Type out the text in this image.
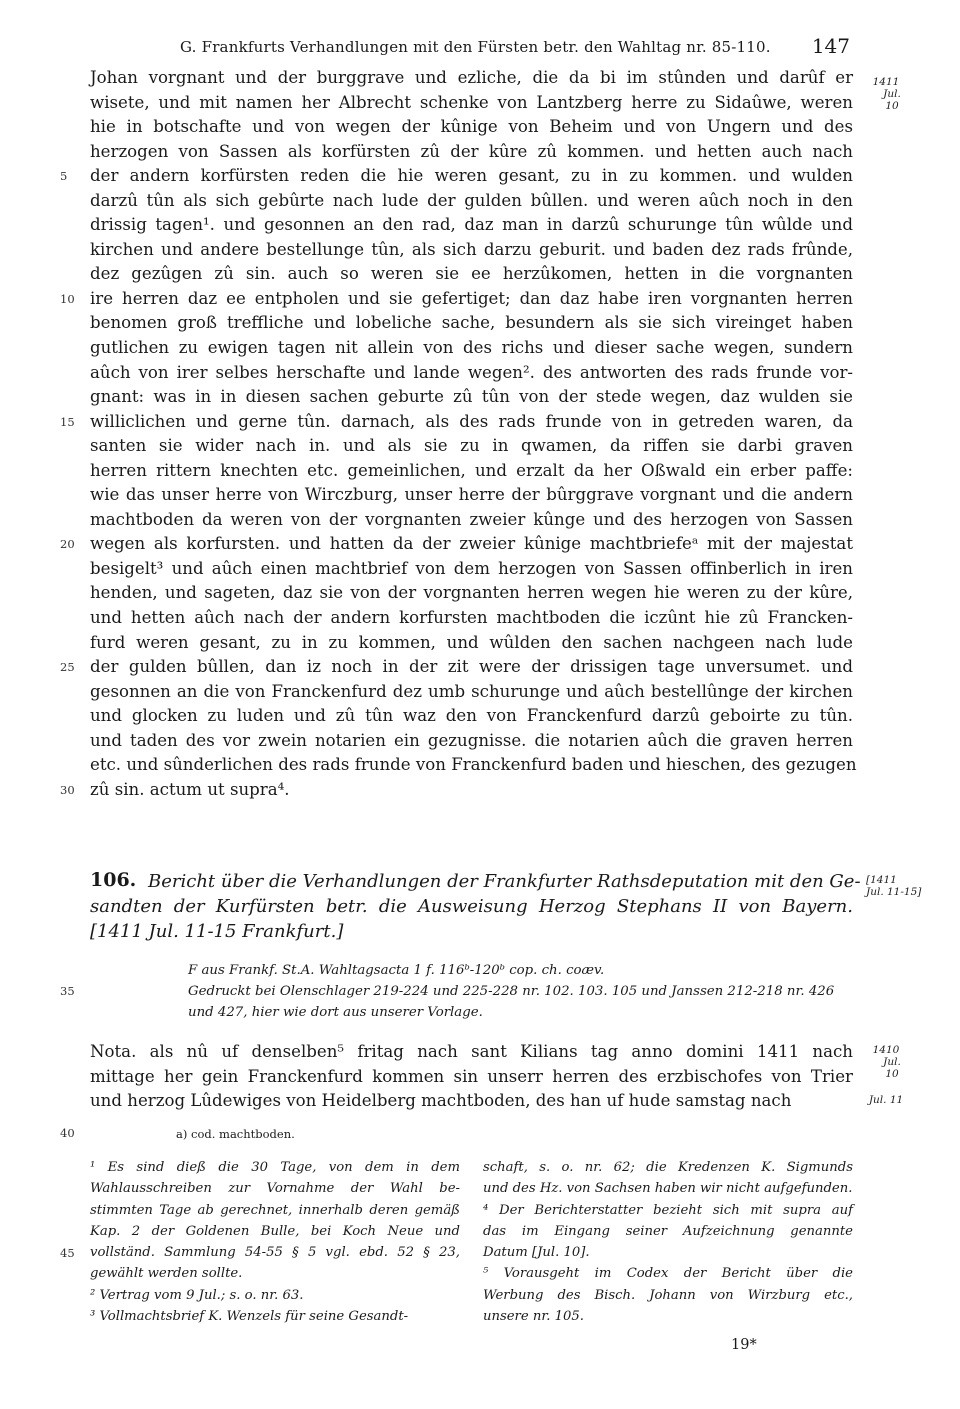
G. Frankfurts Verhandlungen mit den Fürsten betr. den Wahltag nr. 85-110. 147
1411
Jul. 10
Johan vorgnant und der burggrave und ezliche, die da bi im stûnden und darûf er
wisete, und mit namen her Albrecht schenke von Lantzberg herre zu Sidaûwe, weren
hie in botschafte und von wegen der kûnige von Beheim und von Ungern und des
herzogen von Sassen als korfürsten zû der kûre zû kommen. und hetten auch nach
der andern korfürsten reden die hie weren gesant, zu in zu kommen. und wulden
5
darzû tûn als sich gebûrte nach lude der gulden bûllen. und weren aûch noch in den
drissig tagen¹. und gesonnen an den rad, daz man in darzû schurunge tûn wûlde und
kirchen und andere bestellunge tûn, als sich darzu geburit. und baden dez rads frûnde,
dez gezûgen zû sin. auch so weren sie ee herzûkomen, hetten in die vorgnanten
ire herren daz ee entpholen und sie gefertiget; dan daz habe iren vorgnanten herren
10
benomen groß treffliche und lobeliche sache, besundern als sie sich vireinget haben
gutlichen zu ewigen tagen nit allein von des richs und dieser sache wegen, sundern
aûch von irer selbes herschafte und lande wegen². des antworten des rads frunde vor-
gnant: was in in diesen sachen geburte zû tûn von der stede wegen, daz wulden sie
williclichen und gerne tûn. darnach, als des rads frunde von in getreden waren, da
15
santen sie wider nach in. und als sie zu in qwamen, da riffen sie darbi graven
herren rittern knechten etc. gemeinlichen, und erzalt da her Oßwald ein erber paffe:
wie das unser herre von Wirczburg, unser herre der bûrggrave vorgnant und die andern
machtboden da weren von der vorgnanten zweier kûnge und des herzogen von Sassen
wegen als korfursten. und hatten da der zweier kûnige machtbriefeᵃ mit der majestat
20
besigelt³ und aûch einen machtbrief von dem herzogen von Sassen offinberlich in iren
henden, und sageten, daz sie von der vorgnanten herren wegen hie weren zu der kûre,
und hetten aûch nach der andern korfursten machtboden die iczûnt hie zû Francken-
furd weren gesant, zu in zu kommen, und wûlden den sachen nachgeen nach lude
der gulden bûllen, dan iz noch in der zit were der drissigen tage unversumet. und
25
gesonnen an die von Franckenfurd dez umb schurunge und aûch bestellûnge der kirchen
und glocken zu luden und zû tûn waz den von Franckenfurd darzû geboirte zu tûn.
und taden des vor zwein notarien ein gezugnisse. die notarien aûch die graven herren
etc. und sûnderlichen des rads frunde von Franckenfurd baden und hieschen, des gezugen
zû sin. actum ut supra⁴.
30
106. Bericht über die Verhandlungen der Frankfurter Rathsdeputation mit den Ge-
sandten der Kurfürsten betr. die Ausweisung Herzog Stephans II von Bayern.
[1411 Jul. 11-15 Frankfurt.]
[1411
Jul. 11-15]
F aus Frankf. St.A. Wahltagsacta 1 f. 116ᵇ-120ᵇ cop. ch. coæv.
Gedruckt bei Olenschlager 219-224 und 225-228 nr. 102. 103. 105 und Janssen 212-218 nr. 426
und 427, hier wie dort aus unserer Vorlage.
35
Nota. als nû uf denselben⁵ fritag nach sant Kilians tag anno domini 1411 nach
mittage her gein Franckenfurd kommen sin unserr herren des erzbischofes von Trier
und herzog Lûdewiges von Heidelberg machtboden, des han uf hude samstag nach
1410
Jul. 10
Jul. 11
40	a) cod. machtboden.
¹ Es sind dieß die 30 Tage, von dem in dem
Wahlausschreiben zur Vornahme der Wahl be-
stimmten Tage ab gerechnet, innerhalb deren gemäß
Kap. 2 der Goldenen Bulle, bei Koch Neue und
vollständ. Sammlung 54-55 § 5 vgl. ebd. 52 § 23,
gewählt werden sollte.
² Vertrag vom 9 Jul.; s. o. nr. 63.
³ Vollmachtsbrief K. Wenzels für seine Gesandt-
schaft, s. o. nr. 62; die Kredenzen K. Sigmunds
und des Hz. von Sachsen haben wir nicht aufgefunden.
⁴ Der Berichterstatter bezieht sich mit supra auf
das im Eingang seiner Aufzeichnung genannte
Datum [Jul. 10].
⁵ Vorausgeht im Codex der Bericht über die
Werbung des Bisch. Johann von Wirzburg etc.,
unsere nr. 105.
45
19*
